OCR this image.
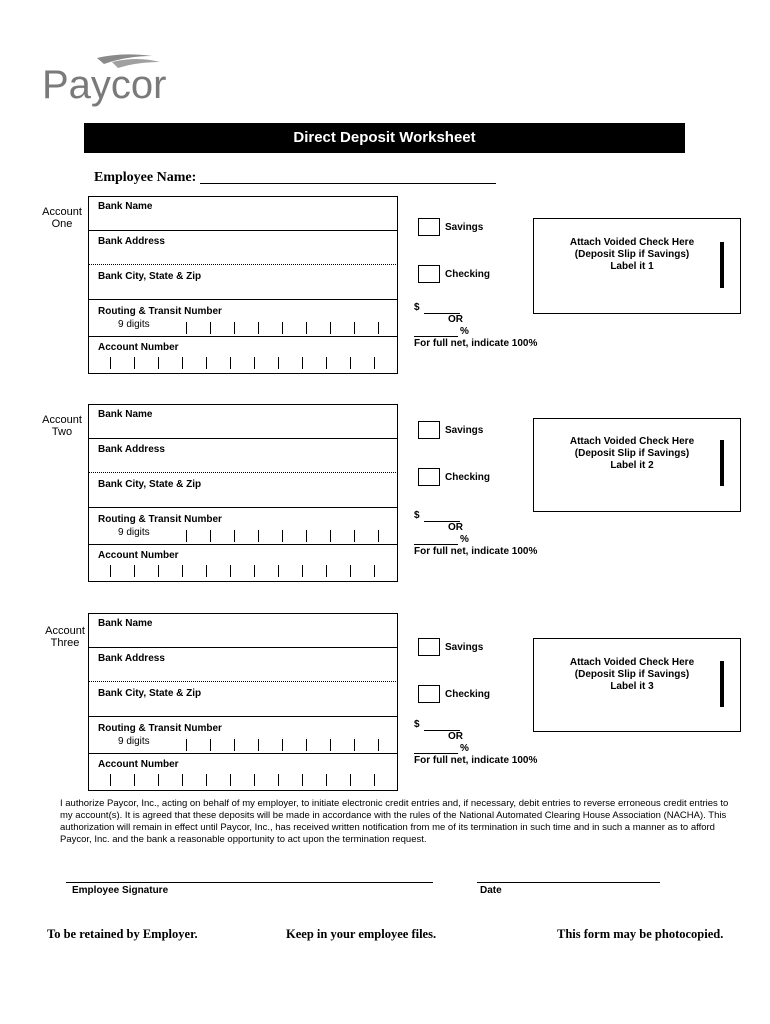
Paycor
Direct Deposit Worksheet
Employee Name:
Account
One
Bank Name
Bank Address
Bank City, State & Zip
Routing & Transit Number
9 digits
Account Number
Savings
Checking
$
OR
%
For full net, indicate 100%
Attach Voided Check Here
(Deposit Slip if Savings)
Label it 1
Account
Two
Bank Name
Bank Address
Bank City, State & Zip
Routing & Transit Number
9 digits
Account Number
Savings
Checking
$
OR
%
For full net, indicate 100%
Attach Voided Check Here
(Deposit Slip if Savings)
Label it 2
Account
Three
Bank Name
Bank Address
Bank City, State & Zip
Routing & Transit Number
9 digits
Account Number
Savings
Checking
$
OR
%
For full net, indicate 100%
Attach Voided Check Here
(Deposit Slip if Savings)
Label it 3
I authorize Paycor, Inc., acting on behalf of my employer, to initiate electronic credit entries and, if necessary, debit entries to reverse erroneous credit entries to my account(s). It is agreed that these deposits will be made in accordance with the rules of the National Automated Clearing House Association (NACHA). This authorization will remain in effect until Paycor, Inc., has received written notification from me of its termination in such time and in such a manner as to afford Paycor, Inc. and the bank a reasonable opportunity to act upon the termination request.
Employee Signature	Date
To be retained by Employer.	Keep in your employee files.	This form may be photocopied.
